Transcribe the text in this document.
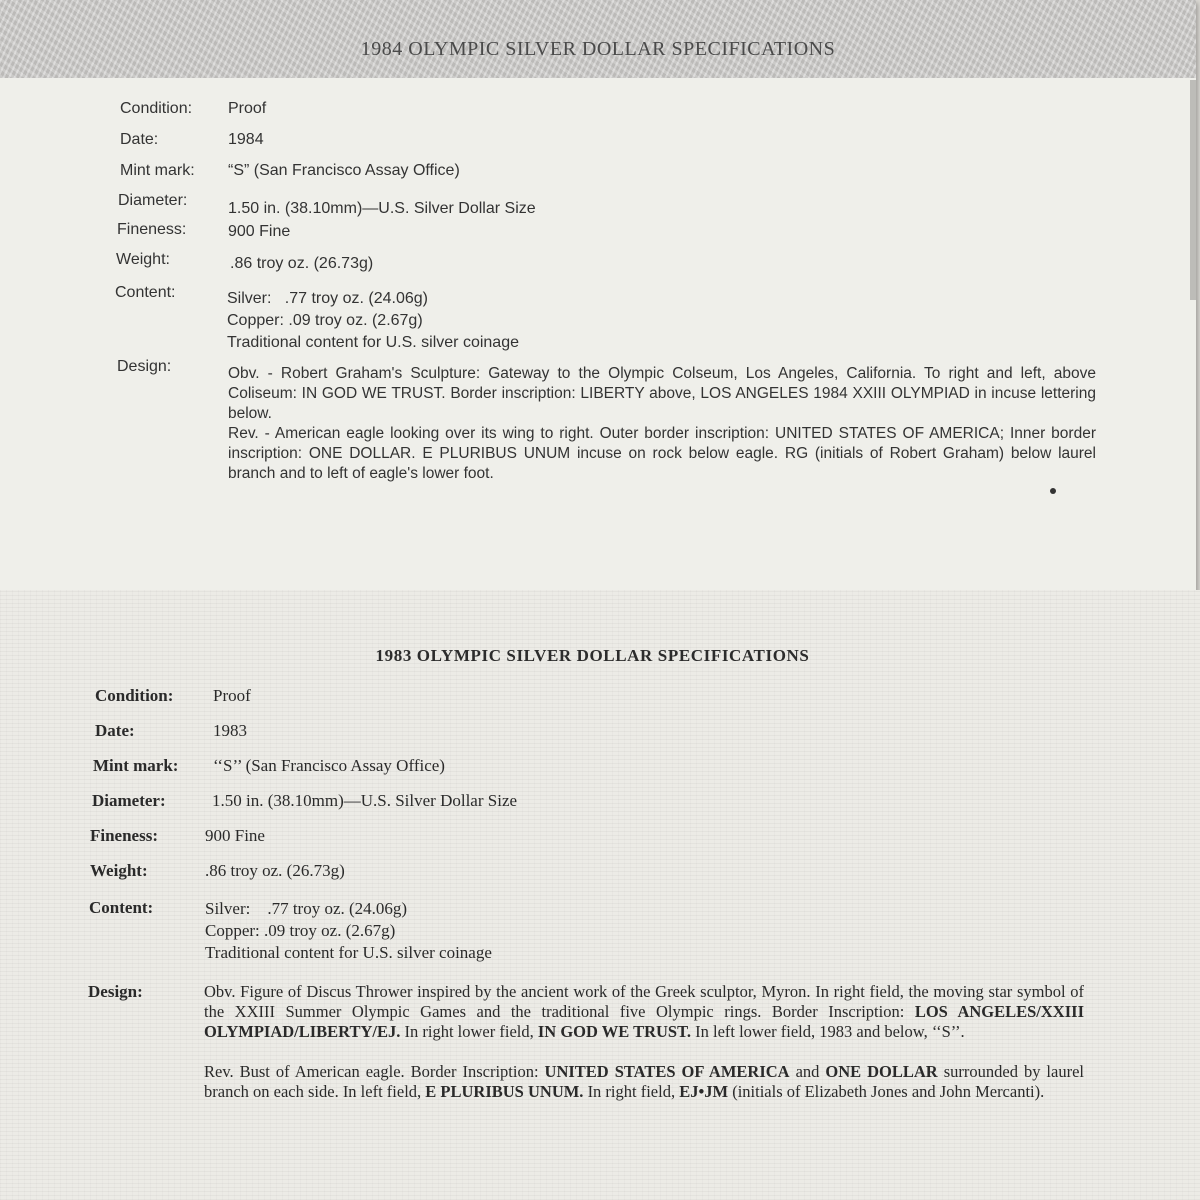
1984 OLYMPIC SILVER DOLLAR SPECIFICATIONS
Condition: Proof
Date:	1984
Mint mark: “S” (San Francisco Assay Office)
Diameter:	1.50 in. (38.10mm)—U.S. Silver Dollar Size
Fineness:	900 Fine
Weight:	.86 troy oz. (26.73g)
Content:	Silver:   .77 troy oz. (24.06g)
Copper: .09 troy oz. (2.67g)
Traditional content for U.S. silver coinage
Design:	Obv. - Robert Graham's Sculpture: Gateway to the Olympic Colseum, Los Angeles, California. To right and left, above Coliseum: IN GOD WE TRUST. Border inscription: LIBERTY above, LOS ANGELES 1984 XXIII OLYMPIAD in incuse lettering below.

Rev. - American eagle looking over its wing to right. Outer border inscription: UNITED STATES OF AMERICA; Inner border inscription: ONE DOLLAR. E PLURIBUS UNUM incuse on rock below eagle. RG (initials of Robert Graham) below laurel branch and to left of eagle's lower foot.

1983 OLYMPIC SILVER DOLLAR SPECIFICATIONS
Condition: Proof
Date:	1983
Mint mark: ‘‘S’’ (San Francisco Assay Office)
Diameter:	1.50 in. (38.10mm)—U.S. Silver Dollar Size
Fineness:	900 Fine
Weight:	.86 troy oz. (26.73g)
Content:	Silver:    .77 troy oz. (24.06g)
Copper: .09 troy oz. (2.67g)
Traditional content for U.S. silver coinage
Design:	Obv. Figure of Discus Thrower inspired by the ancient work of the Greek sculptor, Myron. In right field, the moving star symbol of the XXIII Summer Olympic Games and the traditional five Olympic rings. Border Inscription: LOS ANGELES/XXIII OLYMPIAD/LIBERTY/EJ. In right lower field, IN GOD WE TRUST. In left lower field, 1983 and below, ‘‘S’’.

Rev. Bust of American eagle. Border Inscription: UNITED STATES OF AMERICA and ONE DOLLAR surrounded by laurel branch on each side. In left field, E PLURIBUS UNUM. In right field, EJ•JM (initials of Elizabeth Jones and John Mercanti).
